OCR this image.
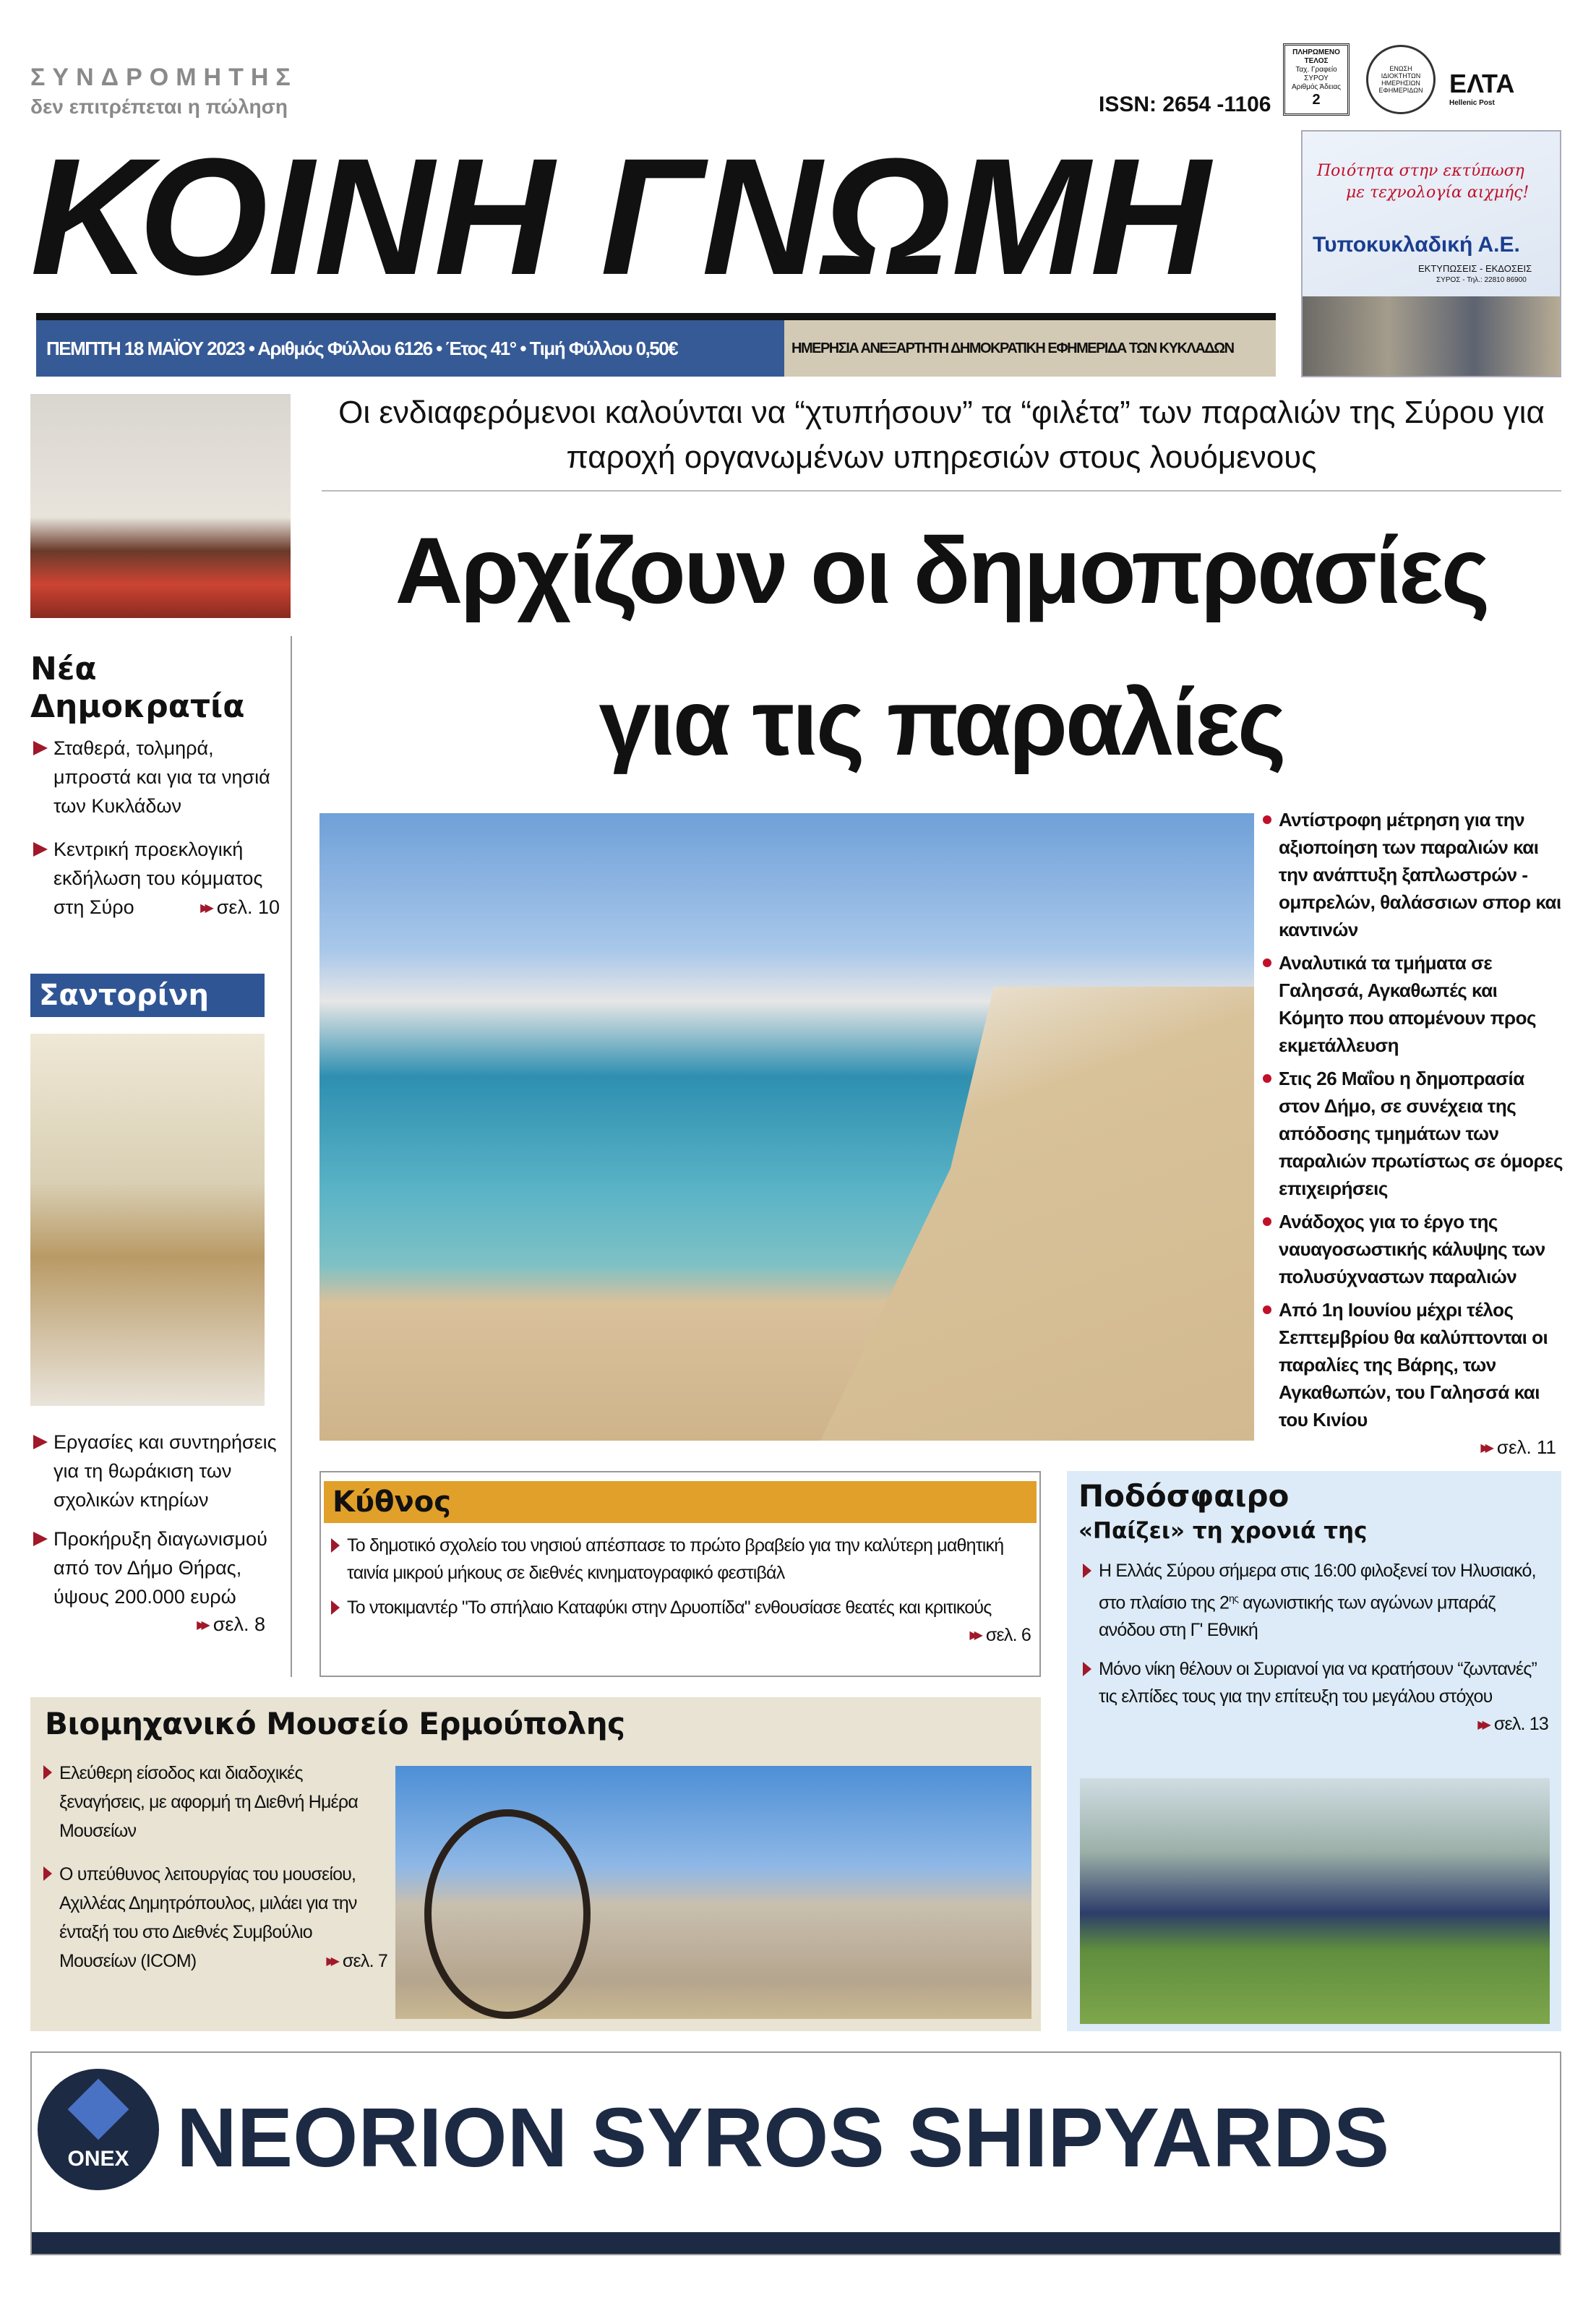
ΣΥΝΔΡΟΜΗΤΗΣ
δεν επιτρέπεται η πώληση	ISSN: 2654 -1106
ΠΛΗΡΩΜΕΝΟ ΤΕΛΟΣ
Ταχ. Γραφείο ΣΥΡΟΥ
Αριθμός Άδειας
2
ΕΝΩΣΗ ΙΔΙΟΚΤΗΤΩΝ ΗΜΕΡΗΣΙΩΝ ΕΦΗΜΕΡΙΔΩΝ ΕΛΤΑ
Hellenic Post
ΚΟΙΝΗ ΓΝΩΜΗ
ΠΕΜΠΤΗ 18 ΜΑΪΟΥ 2023 • Αριθμός Φύλλου 6126 • Έτος 41° • Τιμή Φύλλου 0,50€	ΗΜΕΡΗΣΙΑ ΑΝΕΞΑΡΤΗΤΗ ΔΗΜΟΚΡΑΤΙΚΗ ΕΦΗΜΕΡΙΔΑ ΤΩΝ ΚΥΚΛΑΔΩΝ
Ποιότητα στην εκτύπωση
με τεχνολογία αιχμής!
Τυποκυκλαδική Α.Ε.
ΕΚΤΥΠΩΣΕΙΣ - ΕΚΔΟΣΕΙΣ
ΣΥΡΟΣ - Τηλ.: 22810 86900
Νέα Δημοκρατία
Σταθερά, τολμηρά, μπροστά και για τα νησιά των Κυκλάδων
Κεντρική προεκλογική εκδήλωση του κόμματος στη Σύρο	▶▶ σελ. 10
Σαντορίνη
Εργασίες και συντηρήσεις για τη θωράκιση των σχολικών κτηρίων
Προκήρυξη διαγωνισμού από τον Δήμο Θήρας, ύψους 200.000 ευρώ
▶▶ σελ. 8
Οι ενδιαφερόμενοι καλούνται να “χτυπήσουν” τα “φιλέτα” των παραλιών της Σύρου για παροχή οργανωμένων υπηρεσιών στους λουόμενους
Αρχίζουν οι δημοπρασίες
για τις παραλίες
Αντίστροφη μέτρηση για την αξιοποίηση των παραλιών και την ανάπτυξη ξαπλωστρών - ομπρελών, θαλάσσιων σπορ και καντινών
Αναλυτικά τα τμήματα σε Γαλησσά, Αγκαθωπές και Κόμητο που απομένουν προς εκμετάλλευση
Στις 26 Μαΐου η δημοπρασία στον Δήμο, σε συνέχεια της απόδοσης τμημάτων των παραλιών πρωτίστως σε όμορες επιχειρήσεις
Ανάδοχος για το έργο της ναυαγοσωστικής κάλυψης των πολυσύχναστων παραλιών
Από 1η Ιουνίου μέχρι τέλος Σεπτεμβρίου θα καλύπτονται οι παραλίες της Βάρης, των Αγκαθωπών, του Γαλησσά και του Κινίου
▶▶ σελ. 11
Κύθνος
Το δημοτικό σχολείο του νησιού απέσπασε το πρώτο βραβείο για την καλύτερη μαθητική ταινία μικρού μήκους σε διεθνές κινηματογραφικό φεστιβάλ
Το ντοκιμαντέρ "Το σπήλαιο Καταφύκι στην Δρυοπίδα" ενθουσίασε θεατές και κριτικούς
▶▶ σελ. 6
Ποδόσφαιρο
«Παίζει» τη χρονιά της
Η Ελλάς Σύρου σήμερα στις 16:00 φιλοξενεί τον Ηλυσιακό, στο πλαίσιο της $2^{\eta\varsigma}$ αγωνιστικής των αγώνων μπαράζ ανόδου στη Γ' Εθνική
Μόνο νίκη θέλουν οι Συριανοί για να κρατήσουν “ζωντανές” τις ελπίδες τους για την επίτευξη του μεγάλου στόχου
▶▶ σελ. 13
Βιομηχανικό Μουσείο Ερμούπολης
Ελεύθερη είσοδος και διαδοχικές ξεναγήσεις, με αφορμή τη Διεθνή Ημέρα Μουσείων
Ο υπεύθυνος λειτουργίας του μουσείου, Αχιλλέας Δημητρόπουλος, μιλάει για την ένταξή του στο Διεθνές Συμβούλιο Μουσείων (ICOM)	▶▶ σελ. 7
ONEX NEORION SYROS SHIPYARDS
